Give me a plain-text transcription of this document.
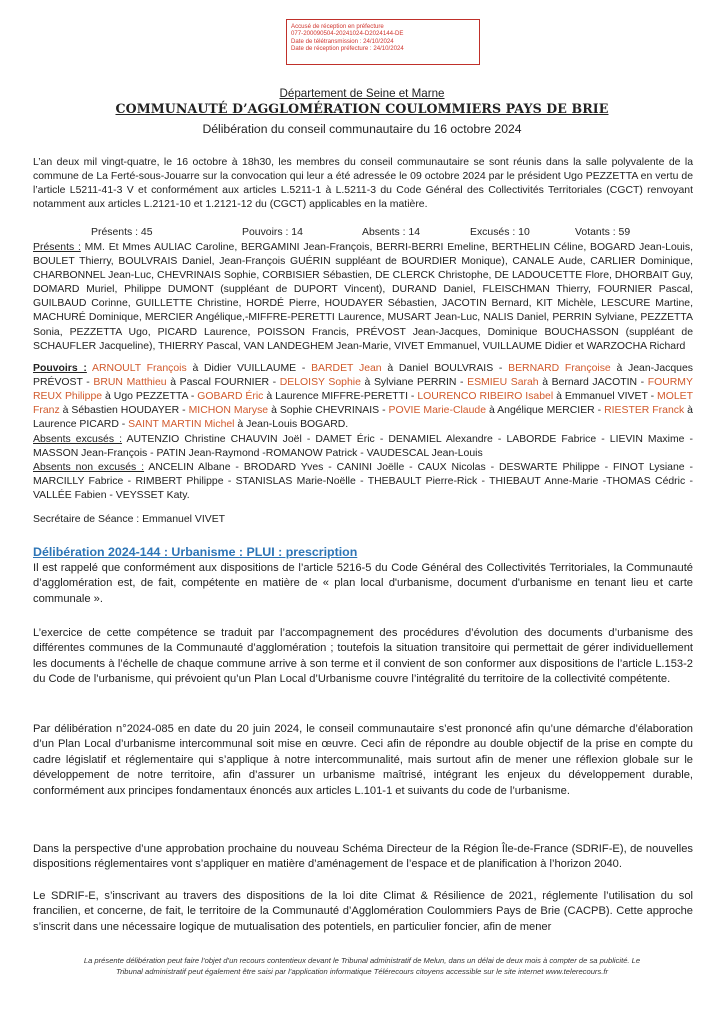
Accusé de réception en préfecture
077-200090504-20241024-D2024144-DE
Date de télétransmission : 24/10/2024
Date de réception préfecture : 24/10/2024
Département de Seine et Marne
COMMUNAUTÉ D’AGGLOMÉRATION COULOMMIERS PAYS DE BRIE
Délibération du conseil communautaire du 16 octobre 2024
L’an deux mil vingt-quatre, le 16 octobre à 18h30, les membres du conseil communautaire se sont réunis dans la salle polyvalente de la commune de La Ferté-sous-Jouarre sur la convocation qui leur a été adressée le 09 octobre 2024 par le président Ugo PEZZETTA en vertu de l’article L5211-41-3 V et conformément aux articles L.5211-1 à L.5211-3 du Code Général des Collectivités Territoriales (CGCT) renvoyant notamment aux articles L.2121-10 et 1.2121-12 du (CGCT) applicables en la matière.
Présents : 45	Pouvoirs : 14	Absents : 14	Excusés : 10	Votants : 59
Présents : MM. Et Mmes AULIAC Caroline, BERGAMINI Jean-François, BERRI-BERRI Emeline, BERTHELIN Céline, BOGARD Jean-Louis, BOULET Thierry, BOULVRAIS Daniel, Jean-François GUÉRIN suppléant de BOURDIER Monique), CANALE Aude, CARLIER Dominique, CHARBONNEL Jean-Luc, CHEVRINAIS Sophie, CORBISIER Sébastien, DE CLERCK Christophe, DE LADOUCETTE Flore, DHORBAIT Guy, DOMARD Muriel, Philippe DUMONT (suppléant de DUPORT Vincent), DURAND Daniel, FLEISCHMAN Thierry, FOURNIER Pascal, GUILBAUD Corinne, GUILLETTE Christine, HORDÉ Pierre, HOUDAYER Sébastien, JACOTIN Bernard, KIT Michèle, LESCURE Martine, MACHURÉ Dominique, MERCIER Angélique,-MIFFRE-PERETTI Laurence, MUSART Jean-Luc, NALIS Daniel, PERRIN Sylviane, PEZZETTA Sonia, PEZZETTA Ugo, PICARD Laurence, POISSON Francis, PRÉVOST Jean-Jacques, Dominique BOUCHASSON (suppléant de SCHAUFLER Jacqueline), THIERRY Pascal, VAN LANDEGHEM Jean-Marie, VIVET Emmanuel, VUILLAUME Didier et WARZOCHA Richard
Pouvoirs : ARNOULT François à Didier VUILLAUME - BARDET Jean à Daniel BOULVRAIS - BERNARD Françoise à Jean-Jacques PRÉVOST - BRUN Matthieu à Pascal FOURNIER - DELOISY Sophie à Sylviane PERRIN - ESMIEU Sarah à Bernard JACOTIN - FOURMY REUX Philippe à Ugo PEZZETTA - GOBARD Éric à Laurence MIFFRE-PERETTI - LOURENCO RIBEIRO Isabel à Emmanuel VIVET - MOLET Franz à Sébastien HOUDAYER - MICHON Maryse à Sophie CHEVRINAIS - POVIE Marie-Claude à Angélique MERCIER - RIESTER Franck à Laurence PICARD - SAINT MARTIN Michel à Jean-Louis BOGARD.
Absents excusés : AUTENZIO Christine CHAUVIN Joël - DAMET Éric - DENAMIEL Alexandre - LABORDE Fabrice - LIEVIN Maxime - MASSON Jean-François - PATIN Jean-Raymond -ROMANOW Patrick - VAUDESCAL Jean-Louis
Absents non excusés : ANCELIN Albane - BRODARD Yves - CANINI Joëlle - CAUX Nicolas - DESWARTE Philippe - FINOT Lysiane - MARCILLY Fabrice - RIMBERT Philippe - STANISLAS Marie-Noëlle - THEBAULT Pierre-Rick - THIEBAUT Anne-Marie -THOMAS Cédric - VALLÉE Fabien - VEYSSET Katy.
Secrétaire de Séance : Emmanuel VIVET
Délibération 2024-144 : Urbanisme : PLUI : prescription
Il est rappelé que conformément aux dispositions de l’article 5216-5 du Code Général des Collectivités Territoriales, la Communauté d’agglomération est, de fait, compétente en matière de « plan local d'urbanisme, document d'urbanisme en tenant lieu et carte communale ».
L’exercice de cette compétence se traduit par l’accompagnement des procédures d’évolution des documents d’urbanisme des différentes communes de la Communauté d’agglomération ; toutefois la situation transitoire qui permettait de gérer individuellement les documents à l’échelle de chaque commune arrive à son terme et il convient de son conformer aux dispositions de l’article L.153-2 du Code de l’urbanisme, qui prévoient qu’un Plan Local d’Urbanisme couvre l’intégralité du territoire de la collectivité compétente.
Par délibération n°2024-085 en date du 20 juin 2024, le conseil communautaire s’est prononcé afin qu’une démarche d’élaboration d’un Plan Local d’urbanisme intercommunal soit mise en œuvre. Ceci afin de répondre au double objectif de la prise en compte du cadre législatif et réglementaire qui s’applique à notre intercommunalité, mais surtout afin de mener une réflexion globale sur le développement de notre territoire, afin d’assurer un urbanisme maîtrisé, intégrant les enjeux du développement durable, conformément aux principes fondamentaux énoncés aux articles L.101-1 et suivants du code de l’urbanisme.
Dans la perspective d’une approbation prochaine du nouveau Schéma Directeur de la Région Île-de-France (SDRIF-E), de nouvelles dispositions réglementaires vont s’appliquer en matière d’aménagement de l’espace et de planification à l’horizon 2040.
Le SDRIF-E, s’inscrivant au travers des dispositions de la loi dite Climat & Résilience de 2021, réglemente l’utilisation du sol francilien, et concerne, de fait, le territoire de la Communauté d’Agglomération Coulommiers Pays de Brie (CACPB). Cette approche s’inscrit dans une nécessaire logique de mutualisation des potentiels, en particulier foncier, afin de mener
La présente délibération peut faire l’objet d’un recours contentieux devant le Tribunal administratif de Melun, dans un délai de deux mois à compter de sa publicité. Le
Tribunal administratif peut également être saisi par l’application informatique Télérecours citoyens accessible sur le site internet www.telerecours.fr
